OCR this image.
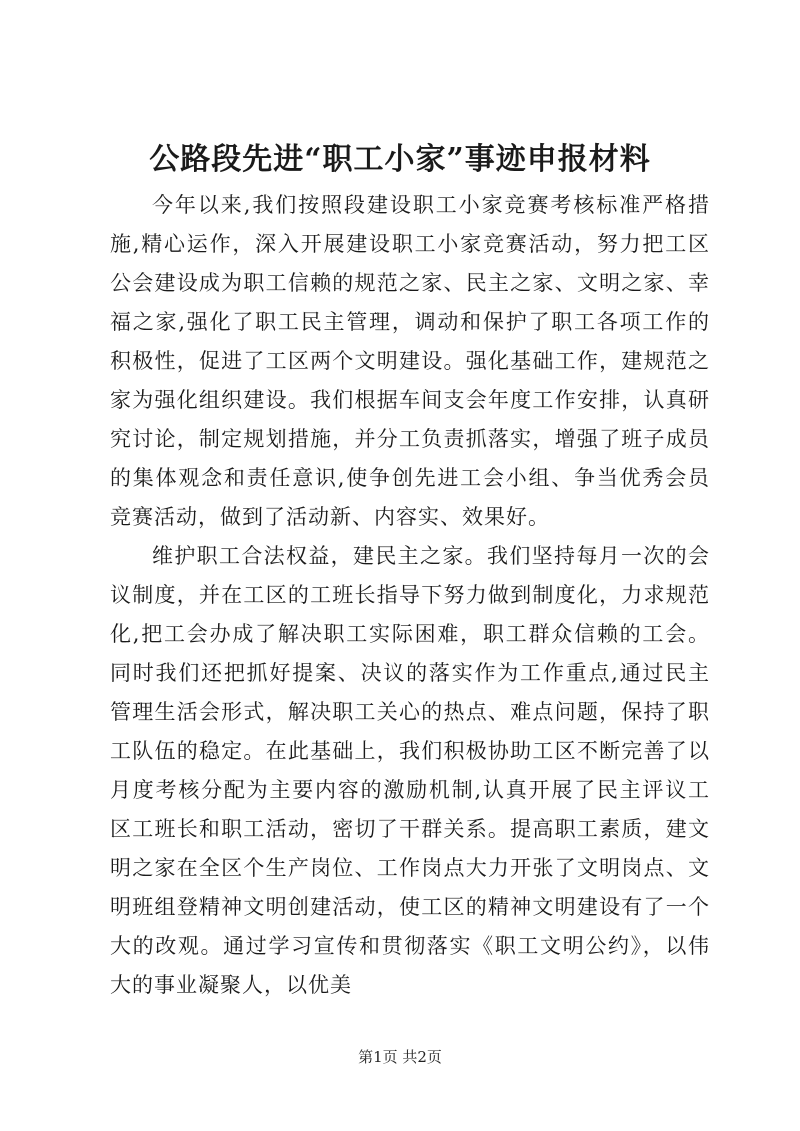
公路段先进“职工小家”事迹申报材料

今年以来,我们按照段建设职工小家竞赛考核标准严格措施,精心运作，深入开展建设职工小家竞赛活动，努力把工区公会建设成为职工信赖的规范之家、民主之家、文明之家、幸福之家,强化了职工民主管理，调动和保护了职工各项工作的积极性，促进了工区两个文明建设。强化基础工作，建规范之家为强化组织建设。我们根据车间支会年度工作安排，认真研究讨论，制定规划措施，并分工负责抓落实，增强了班子成员的集体观念和责任意识,使争创先进工会小组、争当优秀会员竞赛活动，做到了活动新、内容实、效果好。

维护职工合法权益，建民主之家。我们坚持每月一次的会议制度，并在工区的工班长指导下努力做到制度化，力求规范化,把工会办成了解决职工实际困难，职工群众信赖的工会。同时我们还把抓好提案、决议的落实作为工作重点,通过民主管理生活会形式，解决职工关心的热点、难点问题，保持了职工队伍的稳定。在此基础上，我们积极协助工区不断完善了以月度考核分配为主要内容的激励机制,认真开展了民主评议工区工班长和职工活动，密切了干群关系。提高职工素质，建文明之家在全区个生产岗位、工作岗点大力开张了文明岗点、文明班组登精神文明创建活动，使工区的精神文明建设有了一个大的改观。通过学习宣传和贯彻落实《职工文明公约》，以伟大的事业凝聚人，以优美

第1页 共2页
